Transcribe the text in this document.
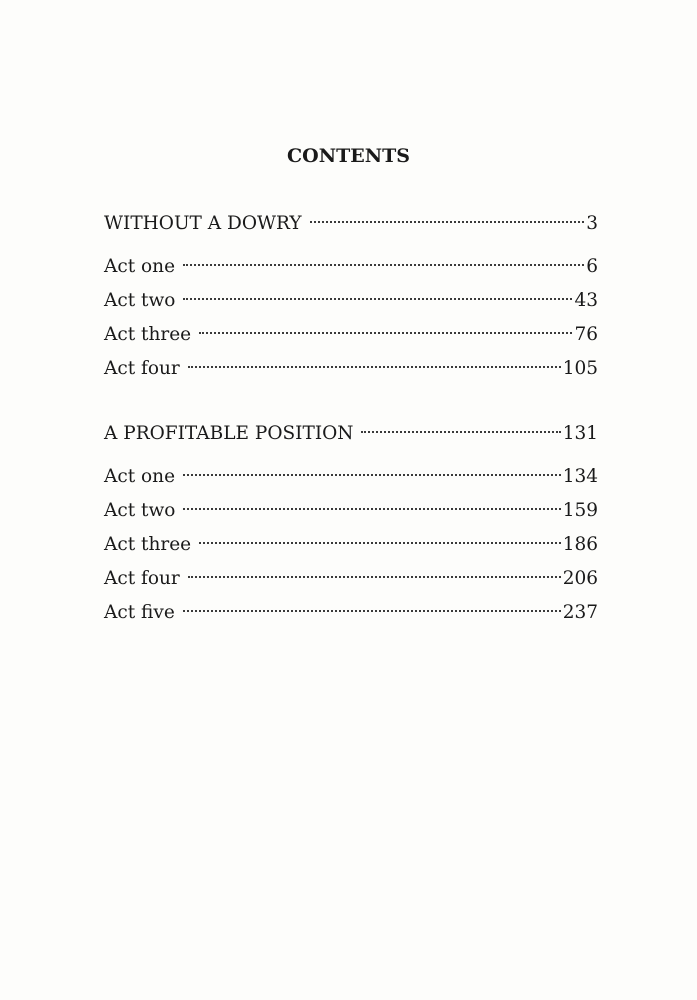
CONTENTS
WITHOUT A DOWRY	3
Act one	6
Act two	43
Act three	76
Act four	105
A PROFITABLE POSITION	131
Act one	134
Act two	159
Act three	186
Act four	206
Act five	237
